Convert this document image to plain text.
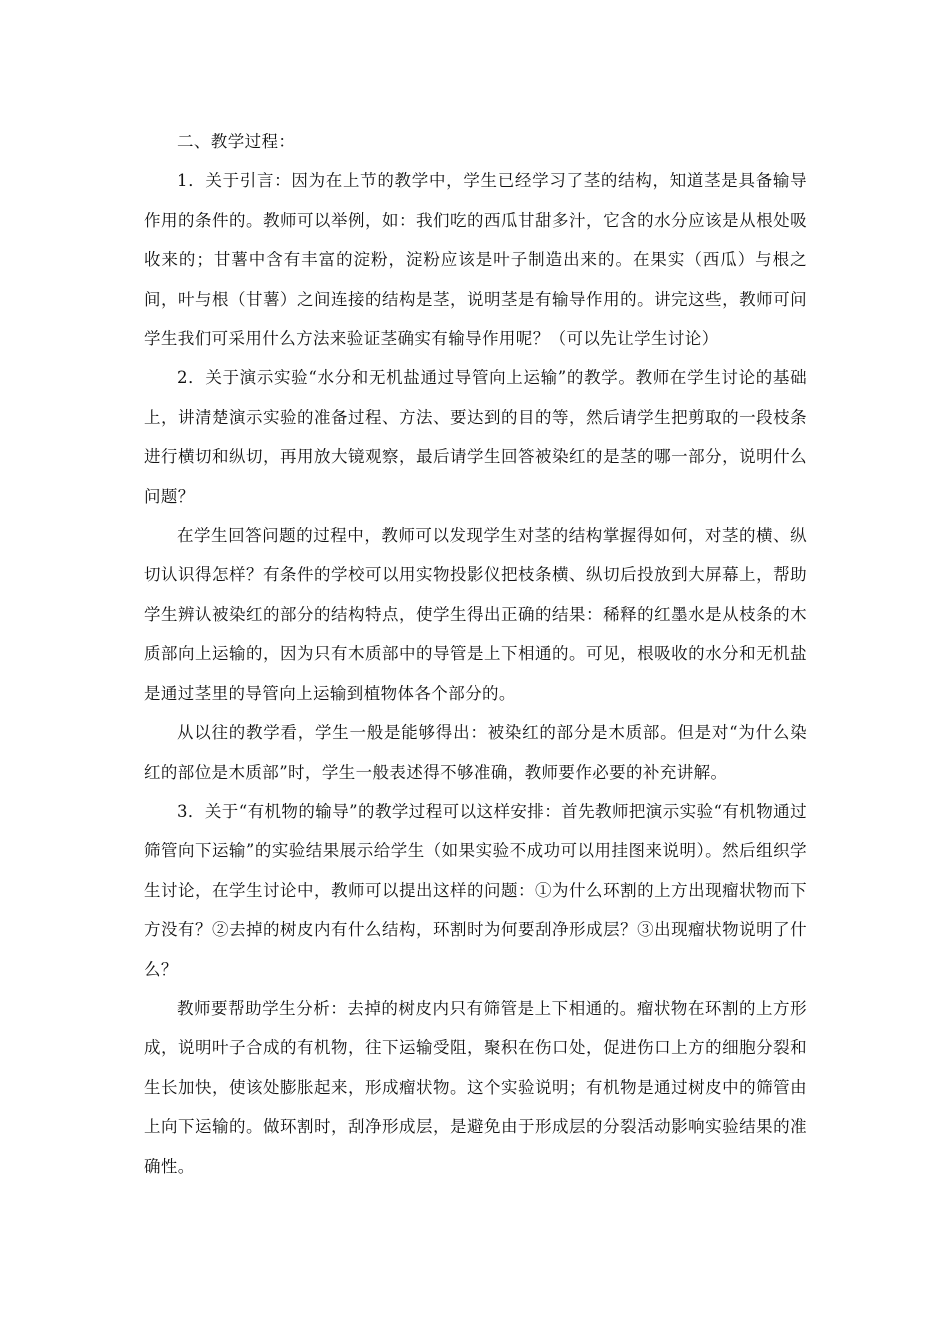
二、教学过程：

1．关于引言：因为在上节的教学中，学生已经学习了茎的结构，知道茎是具备输导作用的条件的。教师可以举例，如：我们吃的西瓜甘甜多汁，它含的水分应该是从根处吸收来的；甘薯中含有丰富的淀粉，淀粉应该是叶子制造出来的。在果实（西瓜）与根之间，叶与根（甘薯）之间连接的结构是茎，说明茎是有输导作用的。讲完这些，教师可问学生我们可采用什么方法来验证茎确实有输导作用呢？（可以先让学生讨论）

2．关于演示实验“水分和无机盐通过导管向上运输”的教学。教师在学生讨论的基础上，讲清楚演示实验的准备过程、方法、要达到的目的等，然后请学生把剪取的一段枝条进行横切和纵切，再用放大镜观察，最后请学生回答被染红的是茎的哪一部分，说明什么问题？

在学生回答问题的过程中，教师可以发现学生对茎的结构掌握得如何，对茎的横、纵切认识得怎样？有条件的学校可以用实物投影仪把枝条横、纵切后投放到大屏幕上，帮助学生辨认被染红的部分的结构特点，使学生得出正确的结果：稀释的红墨水是从枝条的木质部向上运输的，因为只有木质部中的导管是上下相通的。可见，根吸收的水分和无机盐是通过茎里的导管向上运输到植物体各个部分的。

从以往的教学看，学生一般是能够得出：被染红的部分是木质部。但是对“为什么染红的部位是木质部”时，学生一般表述得不够准确，教师要作必要的补充讲解。

3．关于“有机物的输导”的教学过程可以这样安排：首先教师把演示实验“有机物通过筛管向下运输”的实验结果展示给学生（如果实验不成功可以用挂图来说明）。然后组织学生讨论，在学生讨论中，教师可以提出这样的问题：①为什么环割的上方出现瘤状物而下方没有？②去掉的树皮内有什么结构，环割时为何要刮净形成层？③出现瘤状物说明了什么？

教师要帮助学生分析：去掉的树皮内只有筛管是上下相通的。瘤状物在环割的上方形成，说明叶子合成的有机物，往下运输受阻，聚积在伤口处，促进伤口上方的细胞分裂和生长加快，使该处膨胀起来，形成瘤状物。这个实验说明；有机物是通过树皮中的筛管由上向下运输的。做环割时，刮净形成层，是避免由于形成层的分裂活动影响实验结果的准确性。
